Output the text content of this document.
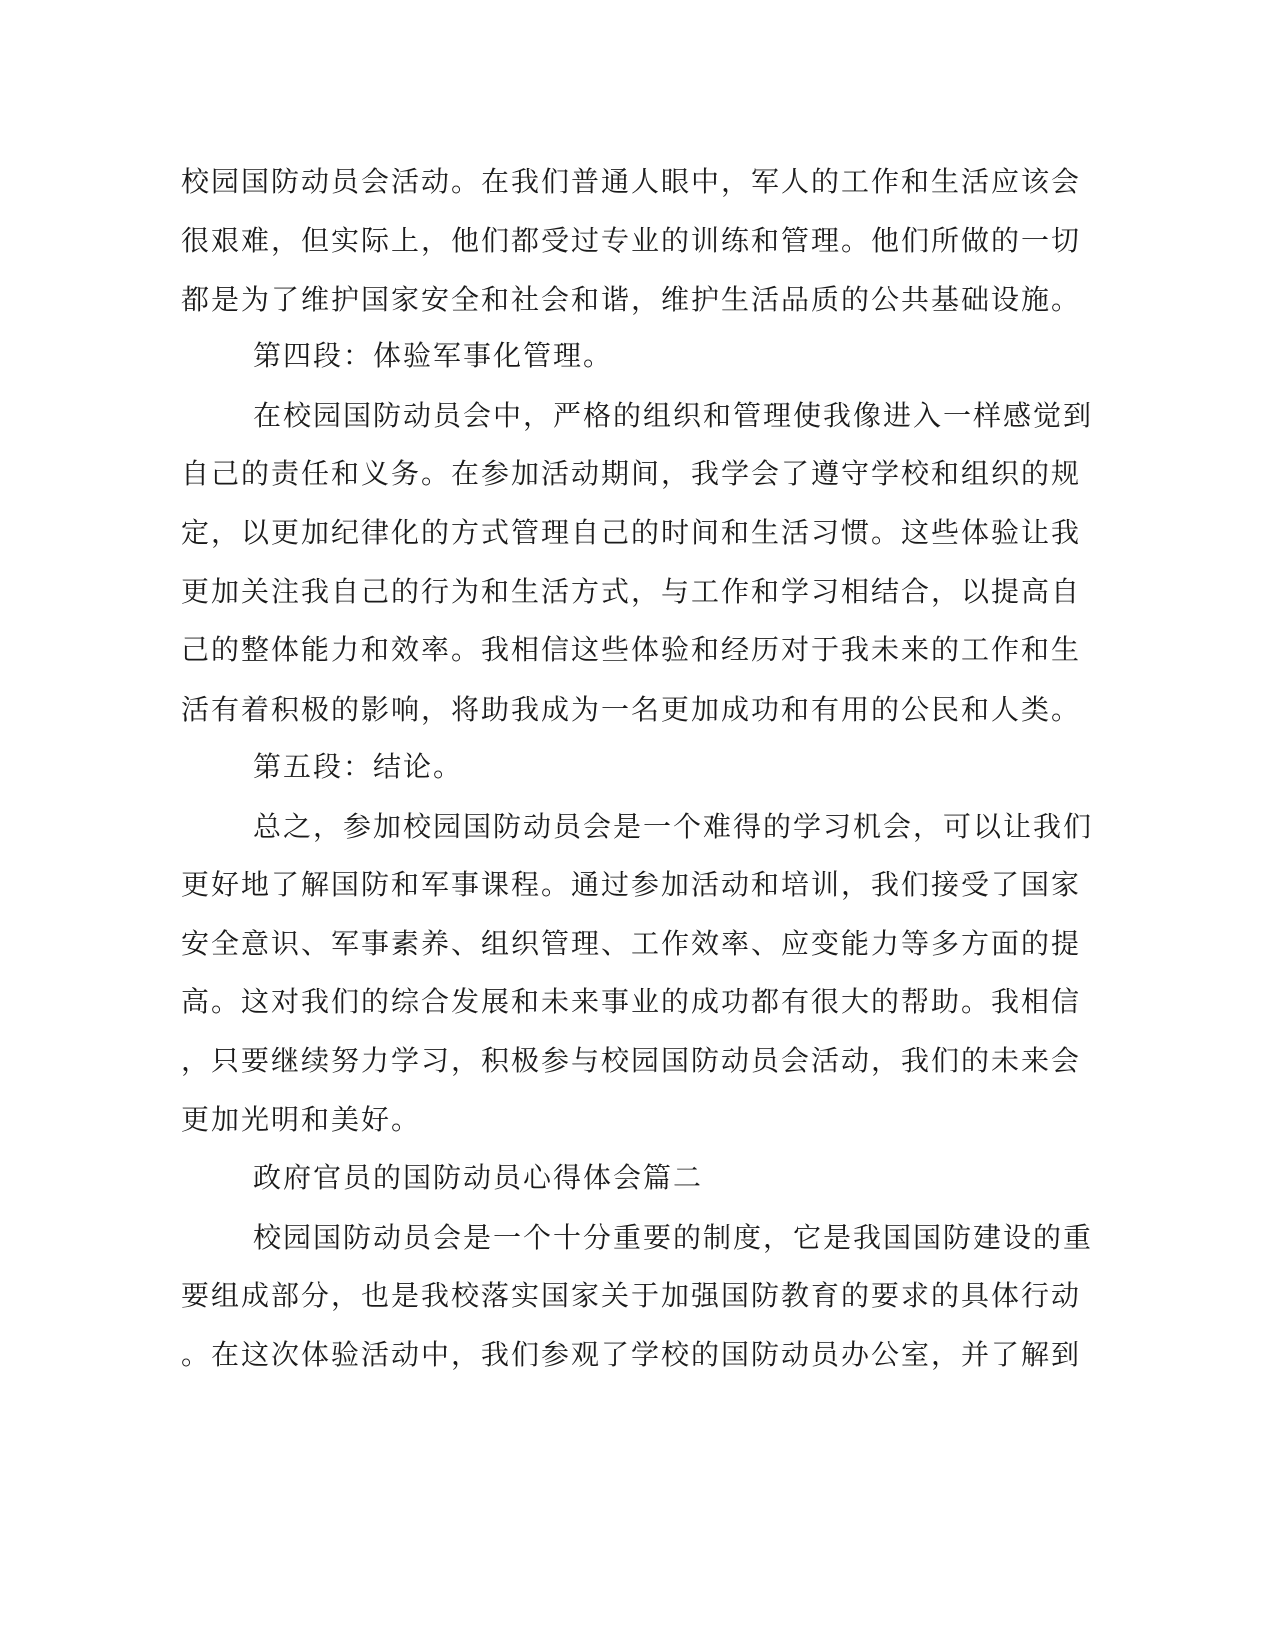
校园国防动员会活动。在我们普通人眼中，军人的工作和生活应该会
很艰难，但实际上，他们都受过专业的训练和管理。他们所做的一切
都是为了维护国家安全和社会和谐，维护生活品质的公共基础设施。
第四段：体验军事化管理。
在校园国防动员会中，严格的组织和管理使我像进入一样感觉到
自己的责任和义务。在参加活动期间，我学会了遵守学校和组织的规
定，以更加纪律化的方式管理自己的时间和生活习惯。这些体验让我
更加关注我自己的行为和生活方式，与工作和学习相结合，以提高自
己的整体能力和效率。我相信这些体验和经历对于我未来的工作和生
活有着积极的影响，将助我成为一名更加成功和有用的公民和人类。
第五段：结论。
总之，参加校园国防动员会是一个难得的学习机会，可以让我们
更好地了解国防和军事课程。通过参加活动和培训，我们接受了国家
安全意识、军事素养、组织管理、工作效率、应变能力等多方面的提
高。这对我们的综合发展和未来事业的成功都有很大的帮助。我相信
，只要继续努力学习，积极参与校园国防动员会活动，我们的未来会
更加光明和美好。
政府官员的国防动员心得体会篇二
校园国防动员会是一个十分重要的制度，它是我国国防建设的重
要组成部分，也是我校落实国家关于加强国防教育的要求的具体行动
。在这次体验活动中，我们参观了学校的国防动员办公室，并了解到
